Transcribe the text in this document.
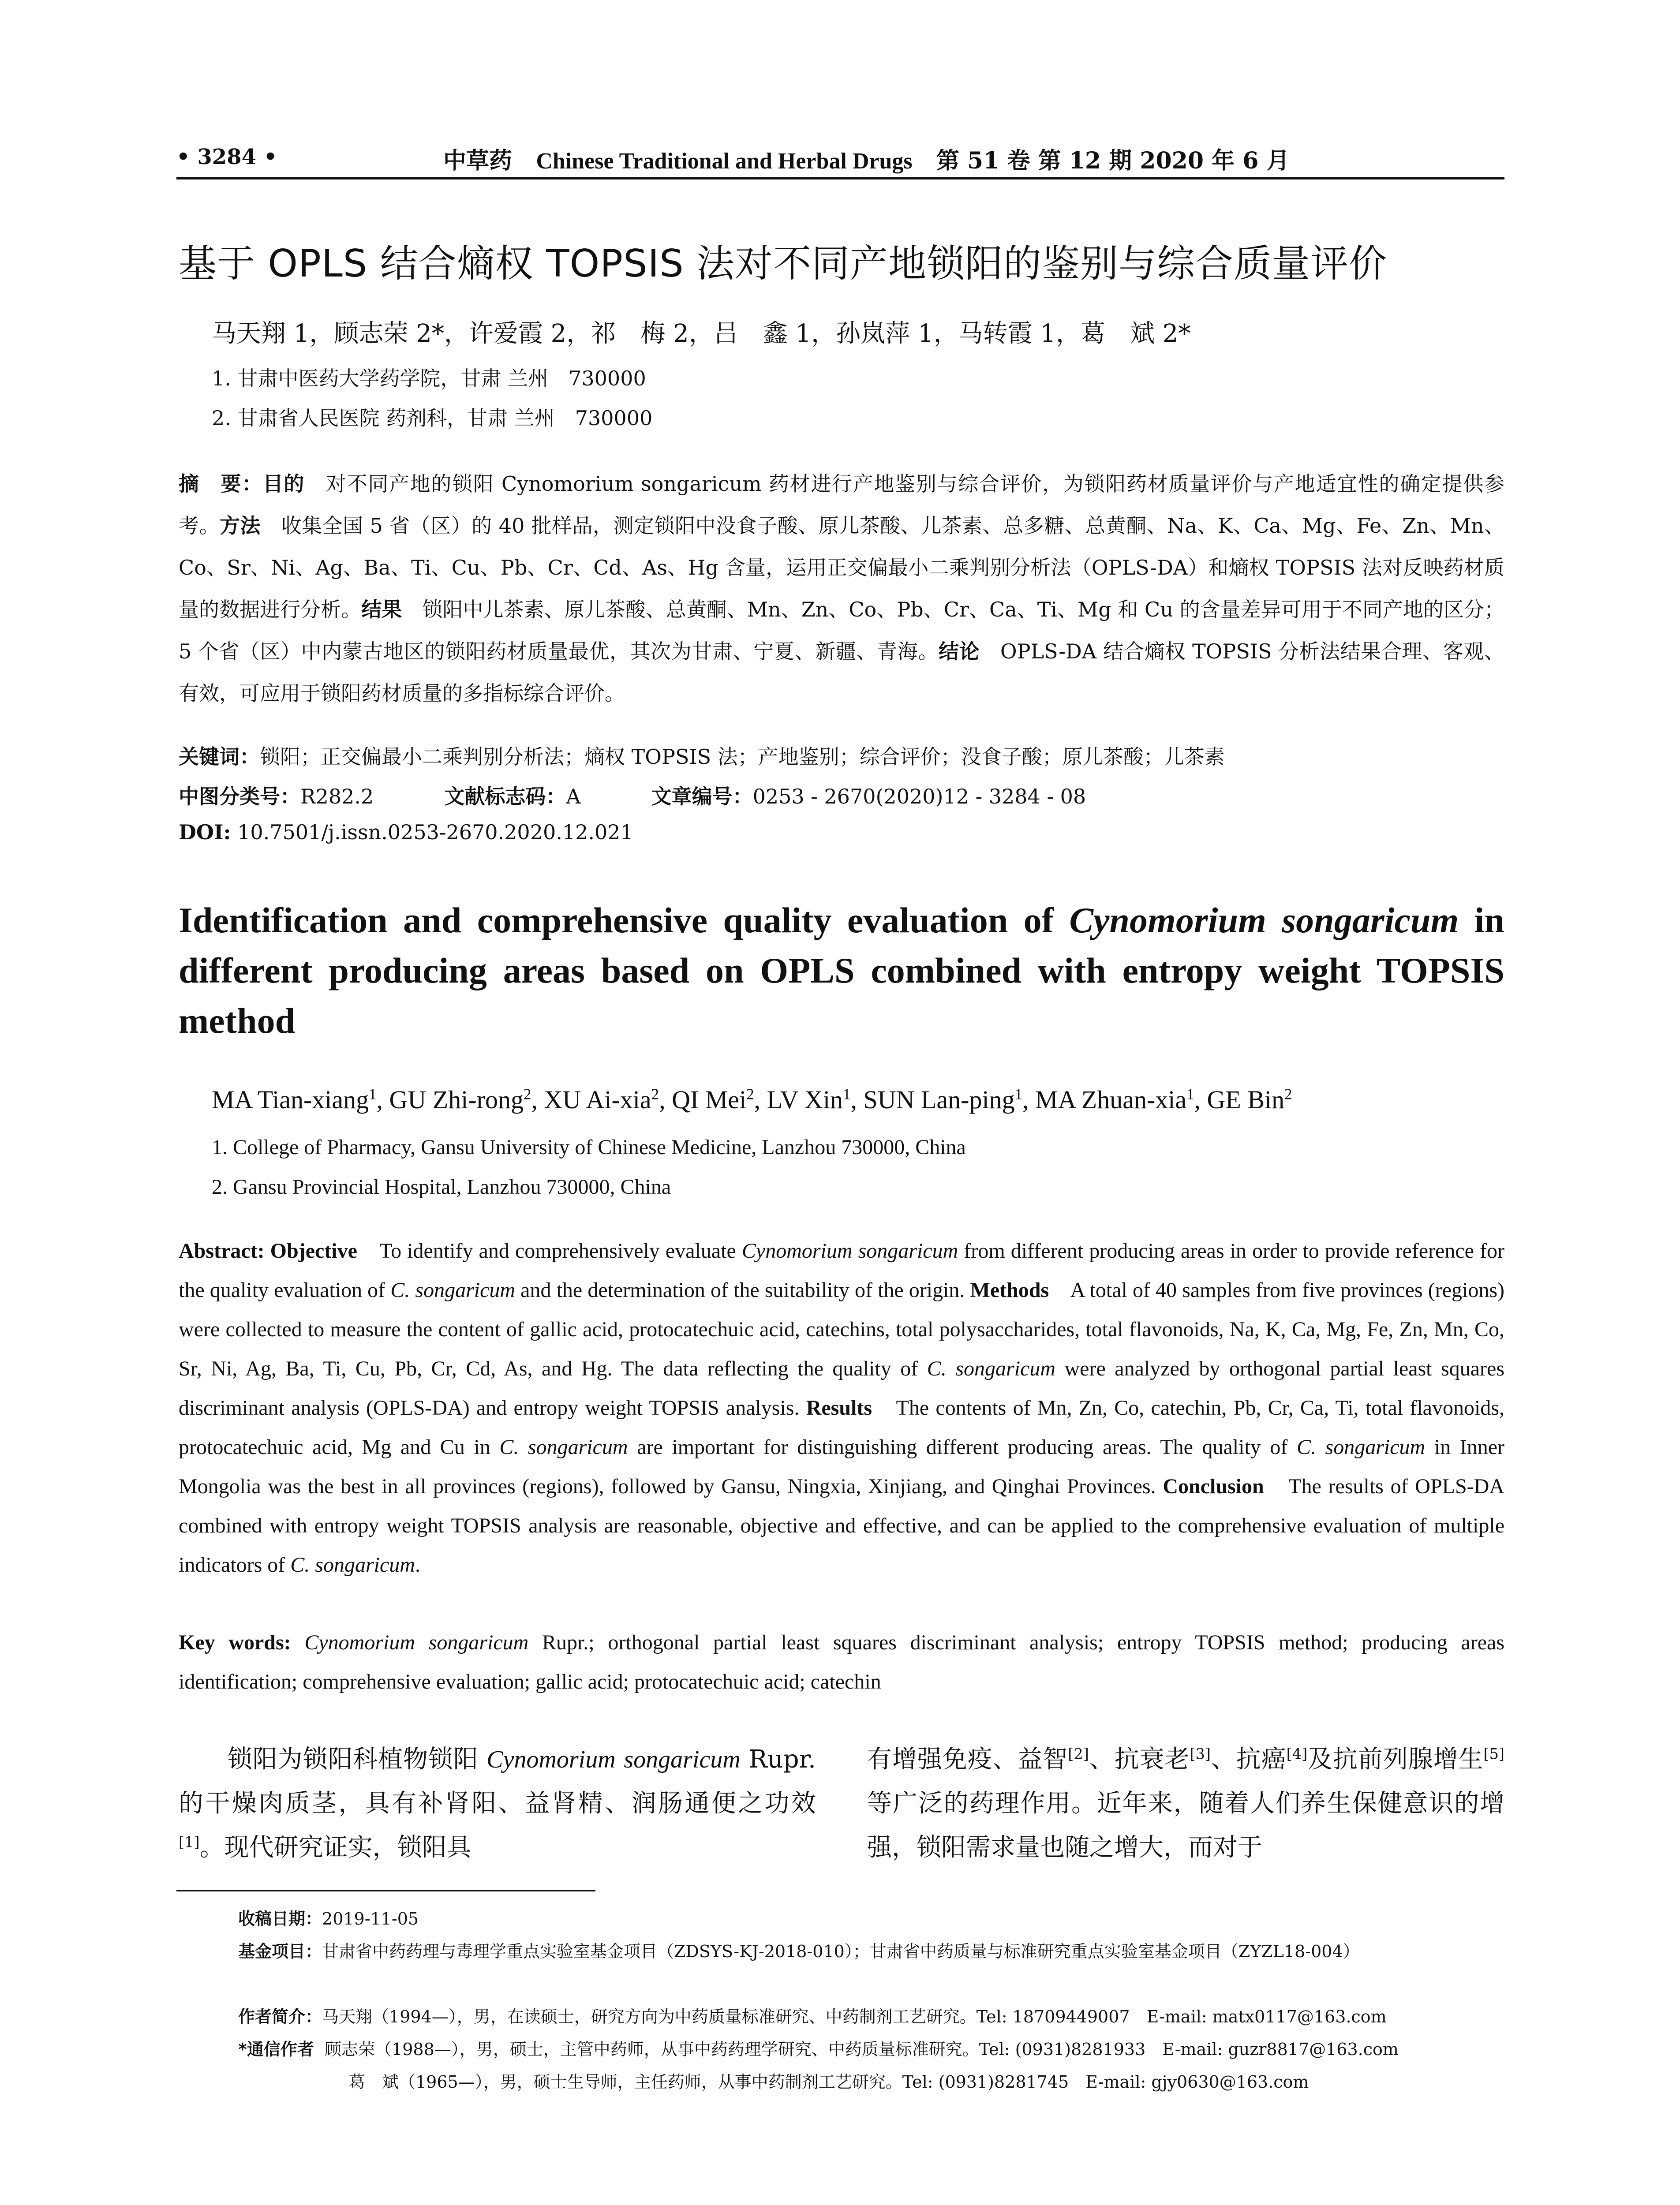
• 3284 •	中草药 Chinese Traditional and Herbal Drugs 第 51 卷 第 12 期 2020 年 6 月
基于 OPLS 结合熵权 TOPSIS 法对不同产地锁阳的鉴别与综合质量评价
马天翔 1，顾志荣 2*，许爱霞 2，祁　梅 2，吕　鑫 1，孙岚萍 1，马转霞 1，葛　斌 2*
1. 甘肃中医药大学药学院，甘肃 兰州　730000
2. 甘肃省人民医院 药剂科，甘肃 兰州　730000
摘　要：目的　对不同产地的锁阳 Cynomorium songaricum 药材进行产地鉴别与综合评价，为锁阳药材质量评价与产地适宜性的确定提供参考。方法　收集全国 5 省（区）的 40 批样品，测定锁阳中没食子酸、原儿茶酸、儿茶素、总多糖、总黄酮、Na、K、Ca、Mg、Fe、Zn、Mn、Co、Sr、Ni、Ag、Ba、Ti、Cu、Pb、Cr、Cd、As、Hg 含量，运用正交偏最小二乘判别分析法（OPLS-DA）和熵权 TOPSIS 法对反映药材质量的数据进行分析。结果　锁阳中儿茶素、原儿茶酸、总黄酮、Mn、Zn、Co、Pb、Cr、Ca、Ti、Mg 和 Cu 的含量差异可用于不同产地的区分；5 个省（区）中内蒙古地区的锁阳药材质量最优，其次为甘肃、宁夏、新疆、青海。结论　OPLS-DA 结合熵权 TOPSIS 分析法结果合理、客观、有效，可应用于锁阳药材质量的多指标综合评价。
关键词：锁阳；正交偏最小二乘判别分析法；熵权 TOPSIS 法；产地鉴别；综合评价；没食子酸；原儿茶酸；儿茶素
中图分类号：R282.2	文献标志码：A	文章编号：0253 - 2670(2020)12 - 3284 - 08
DOI: 10.7501/j.issn.0253-2670.2020.12.021
Identification and comprehensive quality evaluation of Cynomorium songaricum in different producing areas based on OPLS combined with entropy weight TOPSIS method
MA Tian-xiang$^1$, GU Zhi-rong$^2$, XU Ai-xia$^2$, QI Mei$^2$, LV Xin$^1$, SUN Lan-ping$^1$, MA Zhuan-xia$^1$, GE Bin$^2$
1. College of Pharmacy, Gansu University of Chinese Medicine, Lanzhou 730000, China
2. Gansu Provincial Hospital, Lanzhou 730000, China
Abstract: Objective　To identify and comprehensively evaluate Cynomorium songaricum from different producing areas in order to provide reference for the quality evaluation of C. songaricum and the determination of the suitability of the origin. Methods　A total of 40 samples from five provinces (regions) were collected to measure the content of gallic acid, protocatechuic acid, catechins, total polysaccharides, total flavonoids, Na, K, Ca, Mg, Fe, Zn, Mn, Co, Sr, Ni, Ag, Ba, Ti, Cu, Pb, Cr, Cd, As, and Hg. The data reflecting the quality of C. songaricum were analyzed by orthogonal partial least squares discriminant analysis (OPLS-DA) and entropy weight TOPSIS analysis. Results　The contents of Mn, Zn, Co, catechin, Pb, Cr, Ca, Ti, total flavonoids, protocatechuic acid, Mg and Cu in C. songaricum are important for distinguishing different producing areas. The quality of C. songaricum in Inner Mongolia was the best in all provinces (regions), followed by Gansu, Ningxia, Xinjiang, and Qinghai Provinces. Conclusion　The results of OPLS-DA combined with entropy weight TOPSIS analysis are reasonable, objective and effective, and can be applied to the comprehensive evaluation of multiple indicators of C. songaricum.
Key words: Cynomorium songaricum Rupr.; orthogonal partial least squares discriminant analysis; entropy TOPSIS method; producing areas identification; comprehensive evaluation; gallic acid; protocatechuic acid; catechin
锁阳为锁阳科植物锁阳 Cynomorium songaricum Rupr. 的干燥肉质茎，具有补肾阳、益肾精、润肠通便之功效[1]。现代研究证实，锁阳具
有增强免疫、益智[2]、抗衰老[3]、抗癌[4]及抗前列腺增生[5]等广泛的药理作用。近年来，随着人们养生保健意识的增强，锁阳需求量也随之增大，而对于
收稿日期：2019-11-05
基金项目：甘肃省中药药理与毒理学重点实验室基金项目（ZDSYS-KJ-2018-010）；甘肃省中药质量与标准研究重点实验室基金项目（ZYZL18-004）
作者简介：马天翔（1994—），男，在读硕士，研究方向为中药质量标准研究、中药制剂工艺研究。Tel: 18709449007　E-mail: matx0117@163.com
*通信作者 顾志荣（1988—），男，硕士，主管中药师，从事中药药理学研究、中药质量标准研究。Tel: (0931)8281933　E-mail: guzr8817@163.com
葛　斌（1965—），男，硕士生导师，主任药师，从事中药制剂工艺研究。Tel: (0931)8281745　E-mail: gjy0630@163.com
